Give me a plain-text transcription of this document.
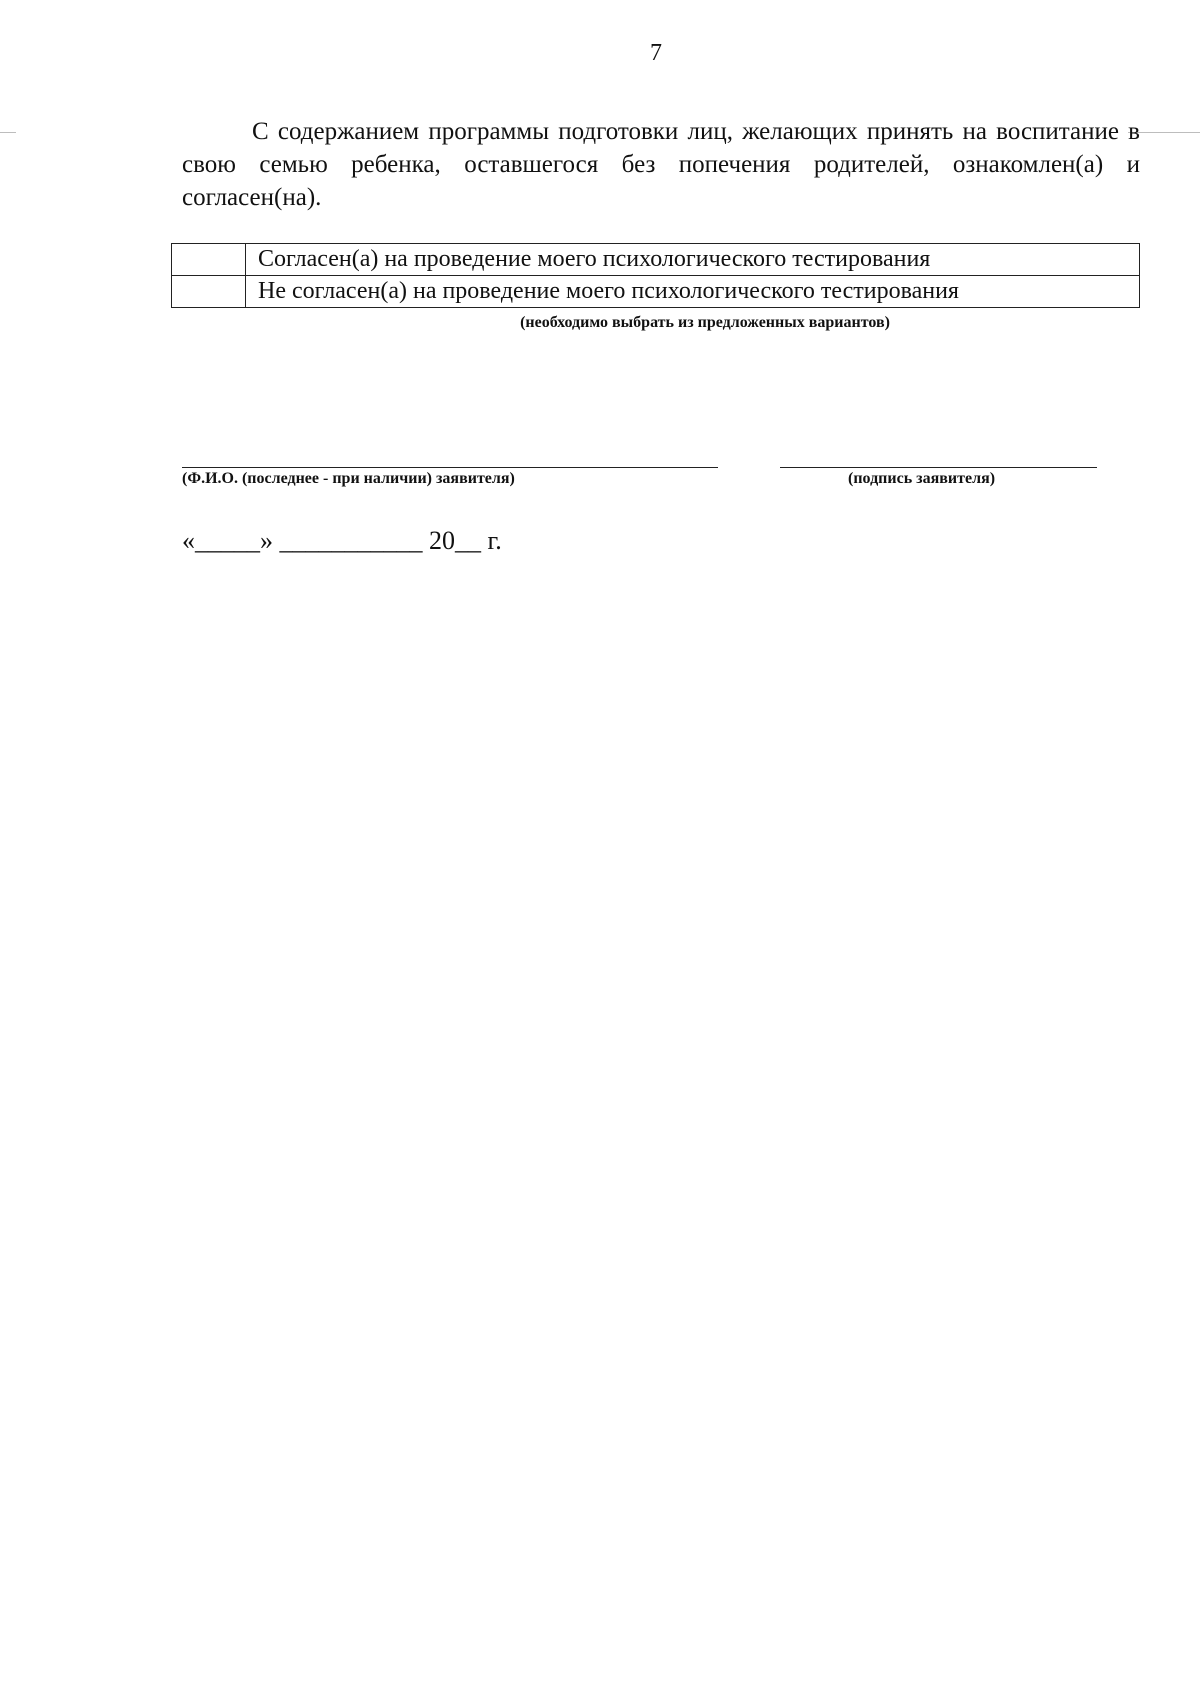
7

С содержанием программы подготовки лиц, желающих принять на воспитание в свою семью ребенка, оставшегося без попечения родителей, ознакомлен(а) и согласен(на).

	Согласен(а) на проведение моего психологического тестирования
	Не согласен(а) на проведение моего психологического тестирования
(необходимо выбрать из предложенных вариантов)
(Ф.И.О. (последнее - при наличии) заявителя)	(подпись заявителя)
«_____» ___________ 20__ г.
